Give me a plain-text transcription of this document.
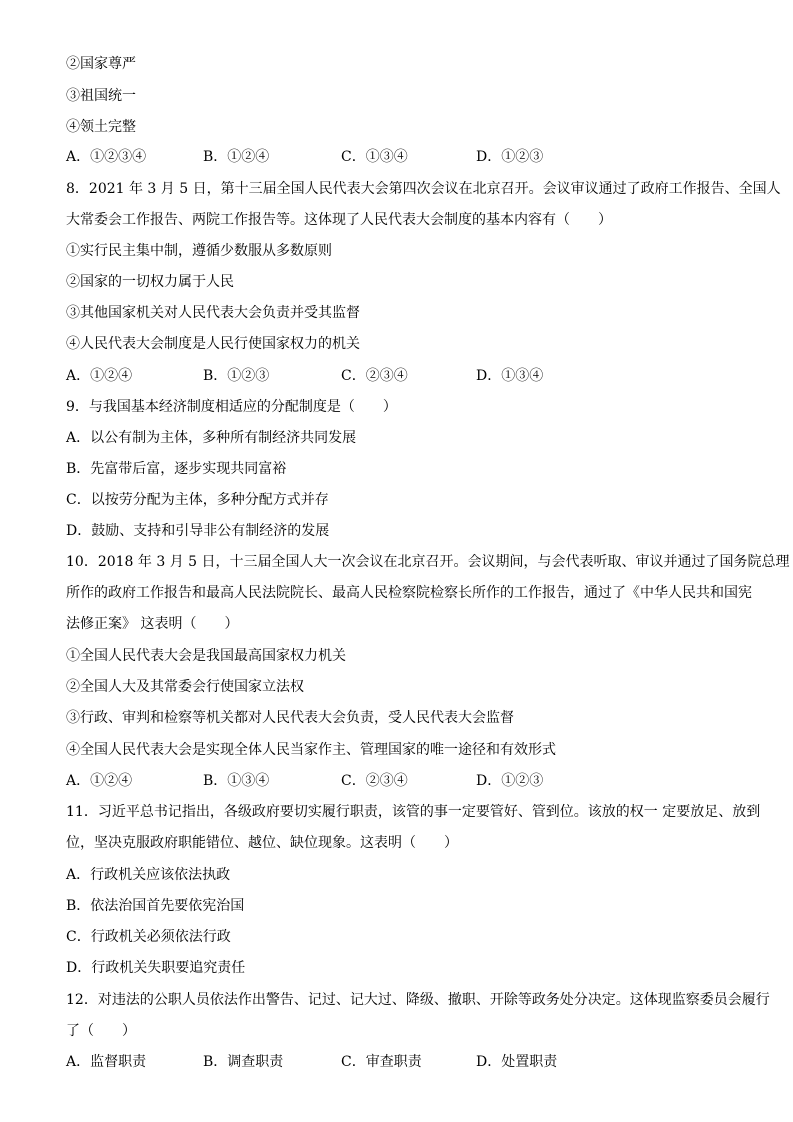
②国家尊严
③祖国统一
④领土完整
A．①②③④	B．①②④	C．①③④	D．①②③
8．2021 年 3 月 5 日，第十三届全国人民代表大会第四次会议在北京召开。会议审议通过了政府工作报告、全国人
大常委会工作报告、两院工作报告等。这体现了人民代表大会制度的基本内容有（　　）
①实行民主集中制，遵循少数服从多数原则
②国家的一切权力属于人民
③其他国家机关对人民代表大会负责并受其监督
④人民代表大会制度是人民行使国家权力的机关
A．①②④	B．①②③	C．②③④	D．①③④
9．与我国基本经济制度相适应的分配制度是（　　）
A．以公有制为主体，多种所有制经济共同发展
B．先富带后富，逐步实现共同富裕
C．以按劳分配为主体，多种分配方式并存
D．鼓励、支持和引导非公有制经济的发展
10．2018 年 3 月 5 日，十三届全国人大一次会议在北京召开。会议期间，与会代表听取、审议并通过了国务院总理
所作的政府工作报告和最高人民法院院长、最高人民检察院检察长所作的工作报告，通过了《中华人民共和国宪
法修正案》 这表明（　　）
①全国人民代表大会是我国最高国家权力机关
②全国人大及其常委会行使国家立法权
③行政、审判和检察等机关都对人民代表大会负责，受人民代表大会监督
④全国人民代表大会是实现全体人民当家作主、管理国家的唯一途径和有效形式
A．①②④	B．①③④	C．②③④	D．①②③
11．习近平总书记指出，各级政府要切实履行职责，该管的事一定要管好、管到位。该放的权一 定要放足、放到
位，坚决克服政府职能错位、越位、缺位现象。这表明（　　）
A．行政机关应该依法执政
B．依法治国首先要依宪治国
C．行政机关必须依法行政
D．行政机关失职要追究责任
12．对违法的公职人员依法作出警告、记过、记大过、降级、撤职、开除等政务处分决定。这体现监察委员会履行
了（　　）
A．监督职责	B．调查职责	C．审查职责	D．处置职责
